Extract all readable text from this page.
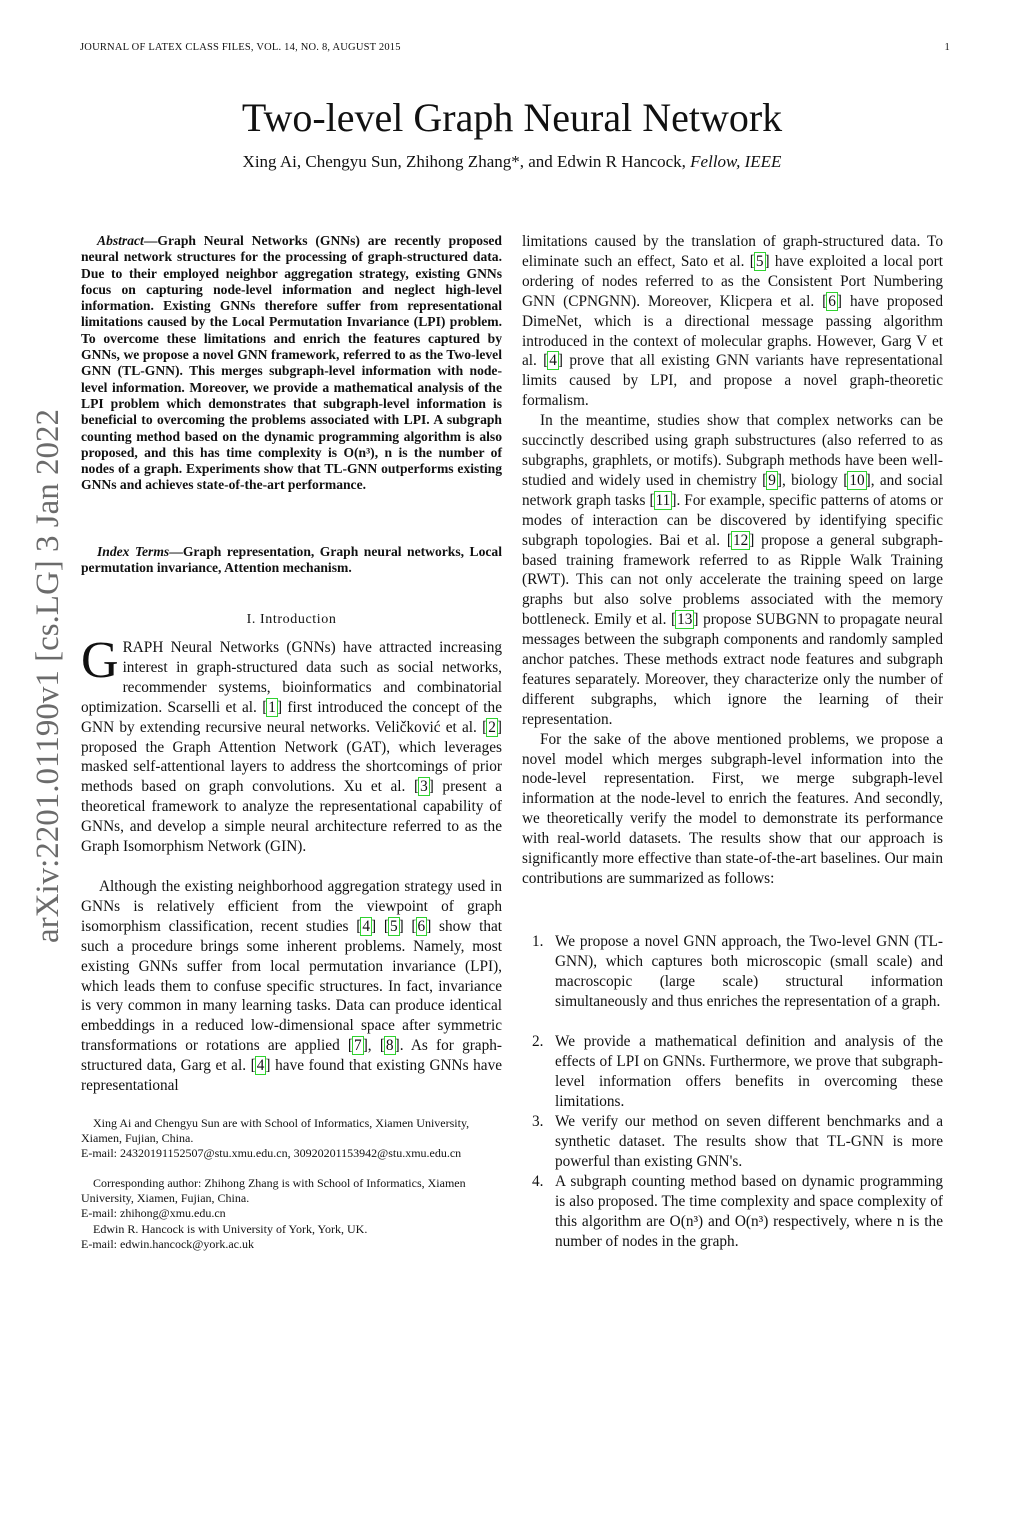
JOURNAL OF LATEX CLASS FILES, VOL. 14, NO. 8, AUGUST 2015	1
Two-level Graph Neural Network
Xing Ai, Chengyu Sun, Zhihong Zhang*, and Edwin R Hancock, Fellow, IEEE
arXiv:2201.01190v1 [cs.LG] 3 Jan 2022
Abstract—Graph Neural Networks (GNNs) are recently proposed neural network structures for the processing of graph-structured data. Due to their employed neighbor aggregation strategy, existing GNNs focus on capturing node-level information and neglect high-level information. Existing GNNs therefore suffer from representational limitations caused by the Local Permutation Invariance (LPI) problem. To overcome these limitations and enrich the features captured by GNNs, we propose a novel GNN framework, referred to as the Two-level GNN (TL-GNN). This merges subgraph-level information with node-level information. Moreover, we provide a mathematical analysis of the LPI problem which demonstrates that subgraph-level information is beneficial to overcoming the problems associated with LPI. A subgraph counting method based on the dynamic programming algorithm is also proposed, and this has time complexity is O(n³), n is the number of nodes of a graph. Experiments show that TL-GNN outperforms existing GNNs and achieves state-of-the-art performance.
Index Terms—Graph representation, Graph neural networks, Local permutation invariance, Attention mechanism.
I. Introduction
GRAPH Neural Networks (GNNs) have attracted increasing interest in graph-structured data such as social networks, recommender systems, bioinformatics and combinatorial optimization. Scarselli et al. [1] first introduced the concept of the GNN by extending recursive neural networks. Veličković et al. [2] proposed the Graph Attention Network (GAT), which leverages masked self-attentional layers to address the shortcomings of prior methods based on graph convolutions. Xu et al. [3] present a theoretical framework to analyze the representational capability of GNNs, and develop a simple neural architecture referred to as the Graph Isomorphism Network (GIN).
Although the existing neighborhood aggregation strategy used in GNNs is relatively efficient from the viewpoint of graph isomorphism classification, recent studies [4] [5] [6] show that such a procedure brings some inherent problems. Namely, most existing GNNs suffer from local permutation invariance (LPI), which leads them to confuse specific structures. In fact, invariance is very common in many learning tasks. Data can produce identical embeddings in a reduced low-dimensional space after symmetric transformations or rotations are applied [7], [8]. As for graph-structured data, Garg et al. [4] have found that existing GNNs have representational

Xing Ai and Chengyu Sun are with School of Informatics, Xiamen University, Xiamen, Fujian, China.

E-mail: 24320191152507@stu.xmu.edu.cn, 30920201153942@stu.xmu.edu.cn

Corresponding author: Zhihong Zhang is with School of Informatics, Xiamen University, Xiamen, Fujian, China.

E-mail: zhihong@xmu.edu.cn

Edwin R. Hancock is with University of York, York, UK.

E-mail: edwin.hancock@york.ac.uk

limitations caused by the translation of graph-structured data. To eliminate such an effect, Sato et al. [5] have exploited a local port ordering of nodes referred to as the Consistent Port Numbering GNN (CPNGNN). Moreover, Klicpera et al. [6] have proposed DimeNet, which is a directional message passing algorithm introduced in the context of molecular graphs. However, Garg V et al. [4] prove that all existing GNN variants have representational limits caused by LPI, and propose a novel graph-theoretic formalism.

In the meantime, studies show that complex networks can be succinctly described using graph substructures (also referred to as subgraphs, graphlets, or motifs). Subgraph methods have been well-studied and widely used in chemistry [9], biology [10], and social network graph tasks [11]. For example, specific patterns of atoms or modes of interaction can be discovered by identifying specific subgraph topologies. Bai et al. [12] propose a general subgraph-based training framework referred to as Ripple Walk Training (RWT). This can not only accelerate the training speed on large graphs but also solve problems associated with the memory bottleneck. Emily et al. [13] propose SUBGNN to propagate neural messages between the subgraph components and randomly sampled anchor patches. These methods extract node features and subgraph features separately. Moreover, they characterize only the number of different subgraphs, which ignore the learning of their representation.

For the sake of the above mentioned problems, we propose a novel model which merges subgraph-level information into the node-level representation. First, we merge subgraph-level information at the node-level to enrich the features. And secondly, we theoretically verify the model to demonstrate its performance with real-world datasets. The results show that our approach is significantly more effective than state-of-the-art baselines. Our main contributions are summarized as follows:

1. We propose a novel GNN approach, the Two-level GNN (TL-GNN), which captures both microscopic (small scale) and macroscopic (large scale) structural information simultaneously and thus enriches the representation of a graph.
2. We provide a mathematical definition and analysis of the effects of LPI on GNNs. Furthermore, we prove that subgraph-level information offers benefits in overcoming these limitations.
3. We verify our method on seven different benchmarks and a synthetic dataset. The results show that TL-GNN is more powerful than existing GNN's.
4. A subgraph counting method based on dynamic programming is also proposed. The time complexity and space complexity of this algorithm are O(n³) and O(n³) respectively, where n is the number of nodes in the graph.
